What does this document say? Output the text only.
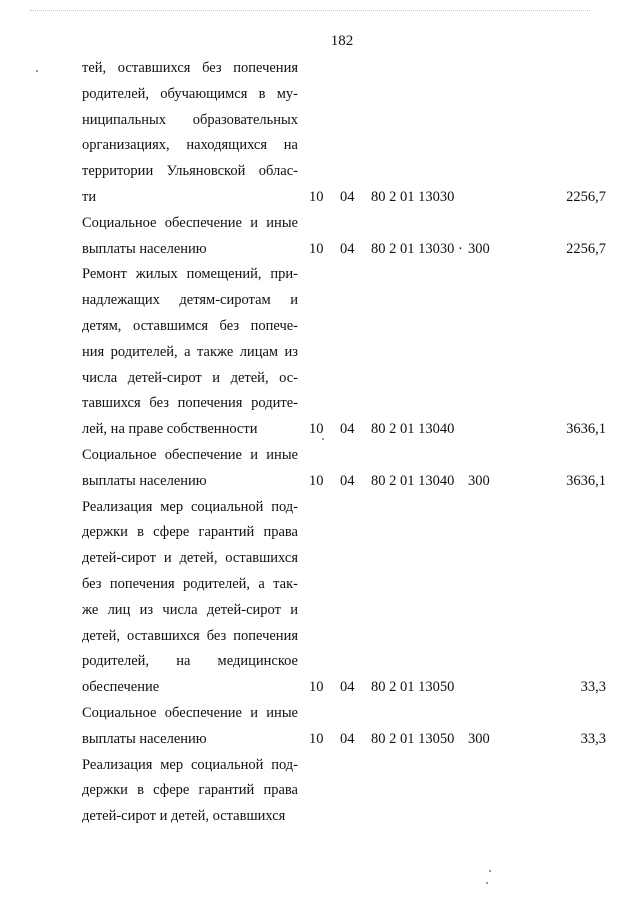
182
тей, оставшихся без попечения
родителей, обучающимся в му-
ниципальных образовательных
организациях, находящихся на
территории Ульяновской облас-
ти	10 04 80 2 01 13030	2256,7
Социальное обеспечение и иные
выплаты населению	10 04 80 2 01 13030 · 300	2256,7
Ремонт жилых помещений, при-
надлежащих детям-сиротам и
детям, оставшимся без попече-
ния родителей, а также лицам из
числа детей-сирот и детей, ос-
тавшихся без попечения родите-
лей, на праве собственности	10 04 80 2 01 13040	3636,1
Социальное обеспечение и иные
выплаты населению	10 04 80 2 01 13040 300	3636,1
Реализация мер социальной под-
держки в сфере гарантий права
детей-сирот и детей, оставшихся
без попечения родителей, а так-
же лиц из числа детей-сирот и
детей, оставшихся без попечения
родителей, на медицинское
обеспечение	10 04 80 2 01 13050	33,3
Социальное обеспечение и иные
выплаты населению	10 04 80 2 01 13050 300	33,3
Реализация мер социальной под-
держки в сфере гарантий права
детей-сирот и детей, оставшихся
